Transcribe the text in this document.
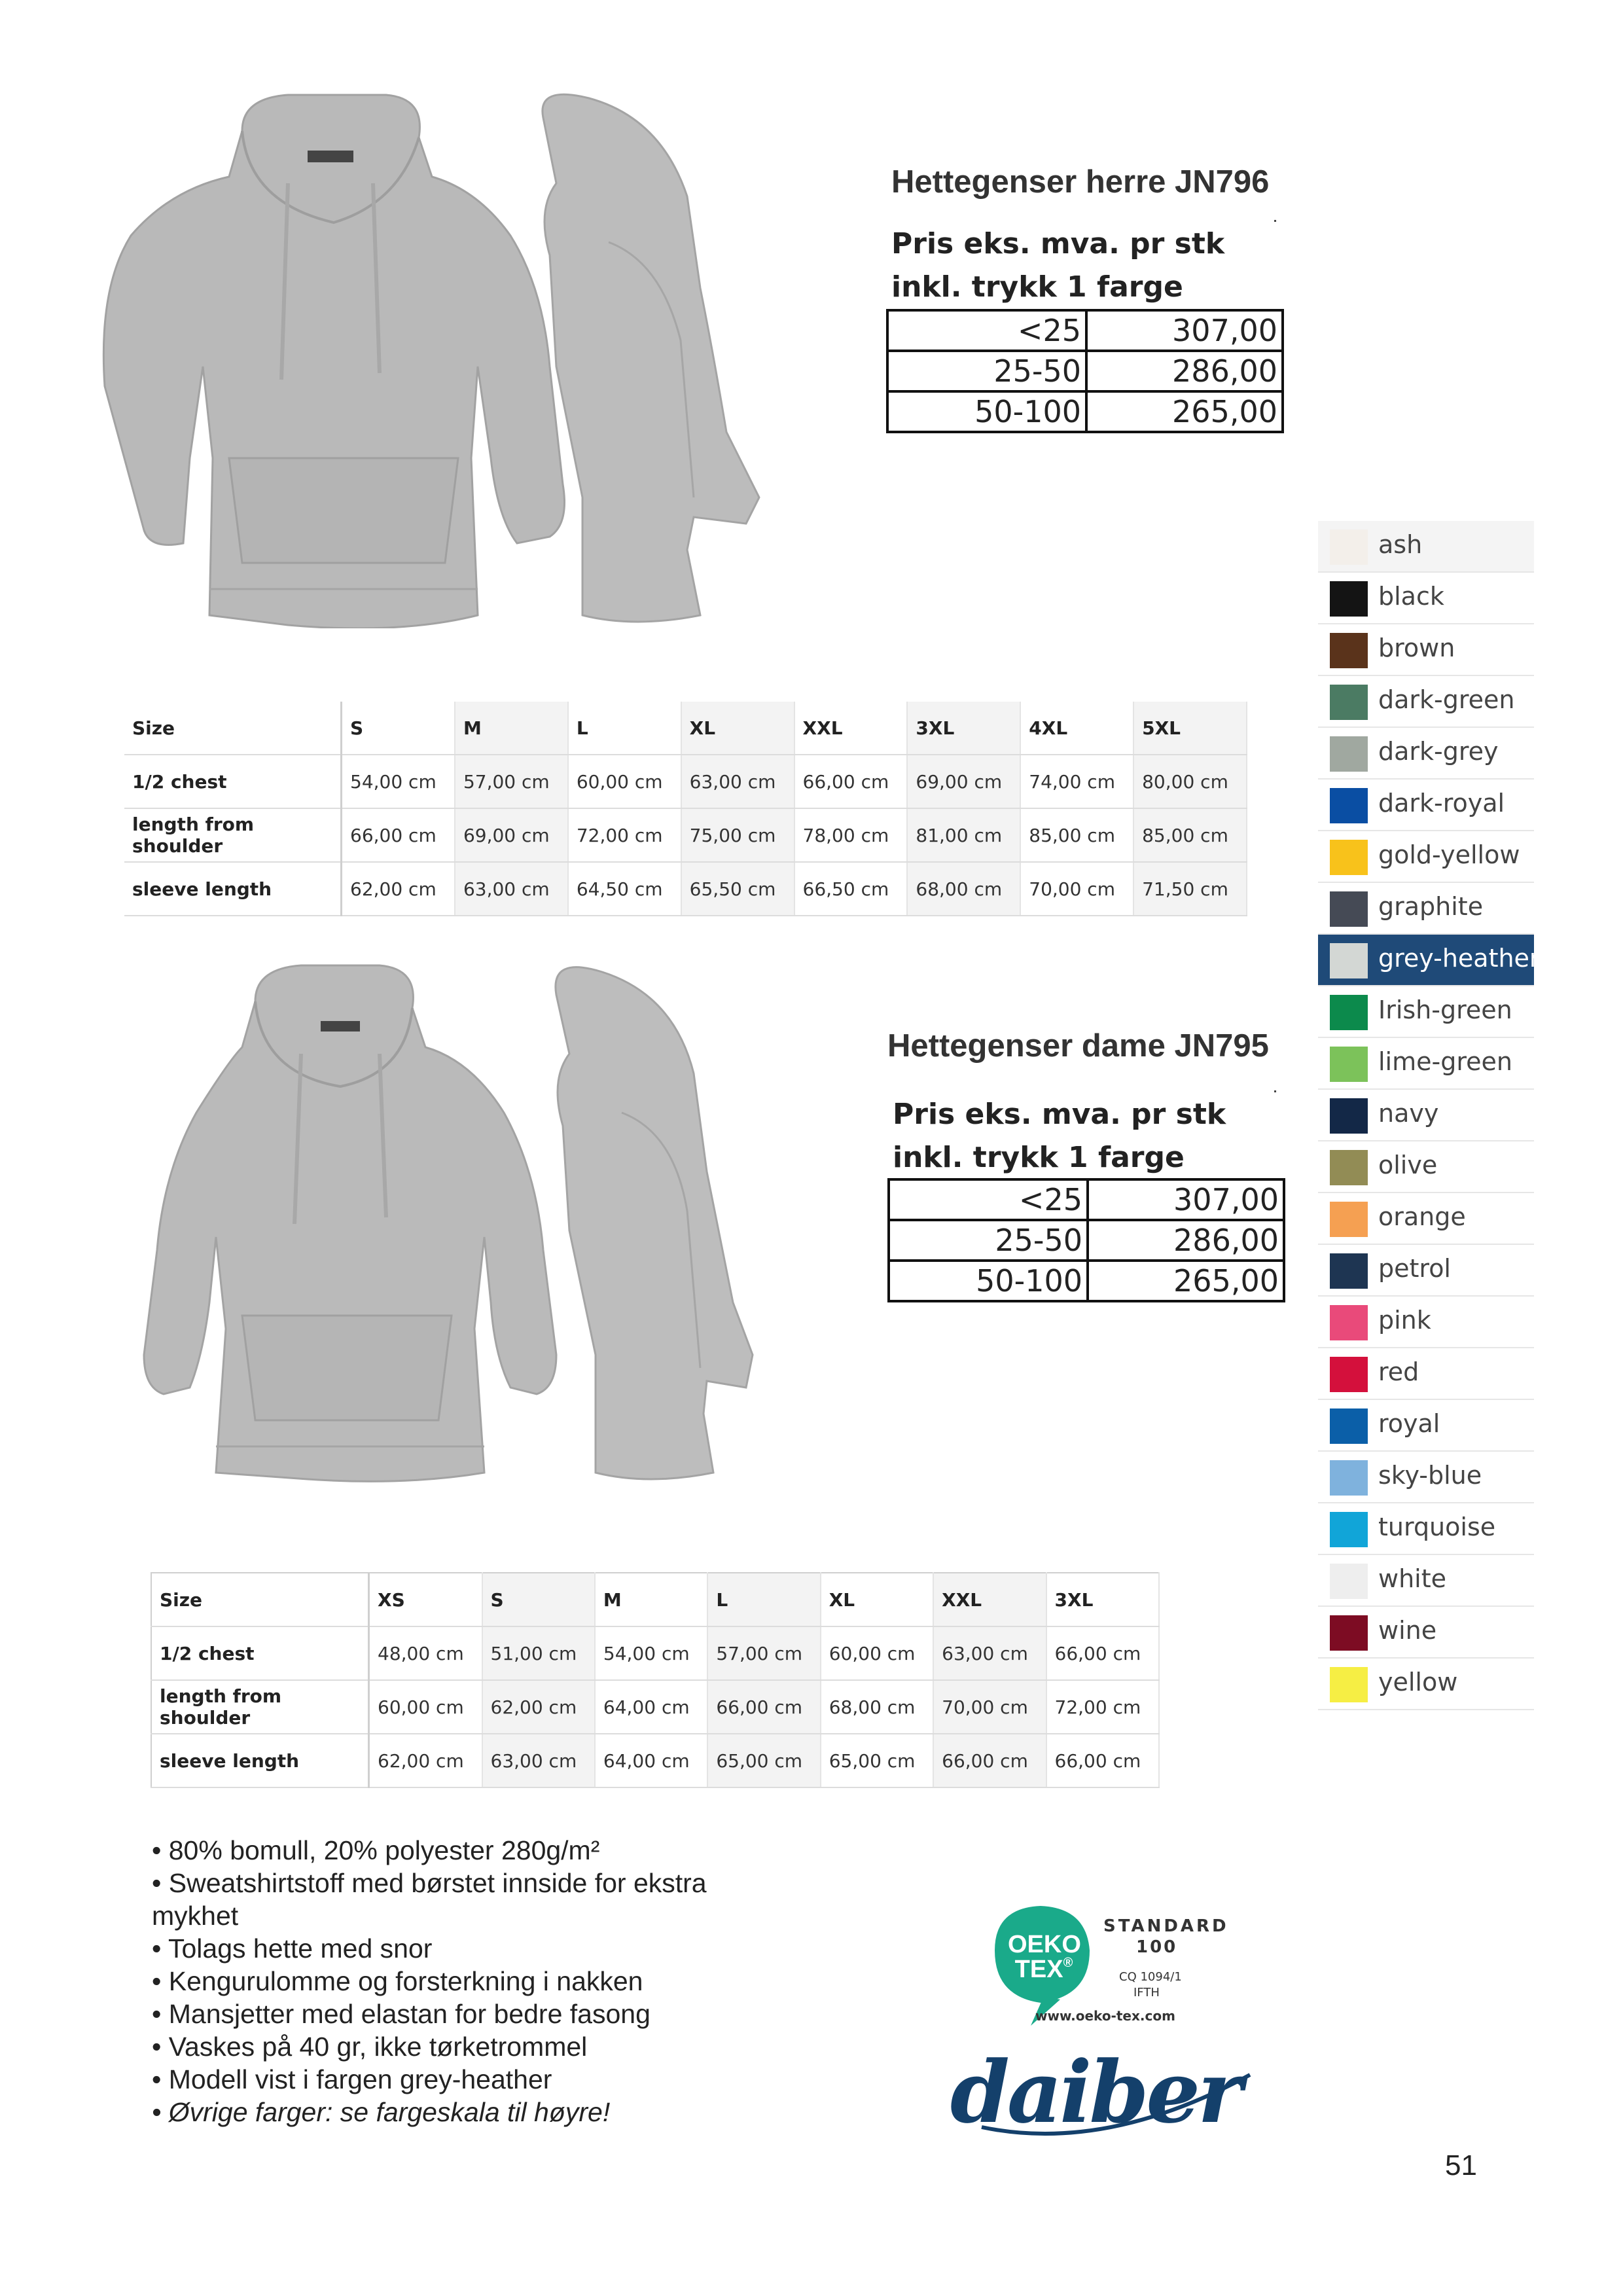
Hettegenser herre JN796
Pris eks. mva. pr stk
inkl. trykk 1 farge
<25	307,00
25-50	286,00
50-100	265,00
Size	S	M	L	XL	XXL	3XL	4XL	5XL
1/2 chest	54,00 cm	57,00 cm	60,00 cm	63,00 cm	66,00 cm	69,00 cm	74,00 cm	80,00 cm
length from shoulder	66,00 cm	69,00 cm	72,00 cm	75,00 cm	78,00 cm	81,00 cm	85,00 cm	85,00 cm
sleeve length	62,00 cm	63,00 cm	64,50 cm	65,50 cm	66,50 cm	68,00 cm	70,00 cm	71,50 cm
Hettegenser dame JN795
Pris eks. mva. pr stk
inkl. trykk 1 farge
<25	307,00
25-50	286,00
50-100	265,00
Size	XS	S	M	L	XL	XXL	3XL
1/2 chest	48,00 cm	51,00 cm	54,00 cm	57,00 cm	60,00 cm	63,00 cm	66,00 cm
length from shoulder	60,00 cm	62,00 cm	64,00 cm	66,00 cm	68,00 cm	70,00 cm	72,00 cm
sleeve length	62,00 cm	63,00 cm	64,00 cm	65,00 cm	65,00 cm	66,00 cm	66,00 cm
ash
black
brown
dark-green
dark-grey
dark-royal
gold-yellow
graphite
grey-heather
Irish-green
lime-green
navy
olive
orange
petrol
pink
red
royal
sky-blue
turquoise
white
wine
yellow
• 80% bomull, 20% polyester 280g/m²
• Sweatshirtstoff med børstet innside for ekstra
mykhet
• Tolags hette med snor
• Kengurulomme og forsterkning i nakken
• Mansjetter med elastan for bedre fasong
• Vaskes på 40 gr, ikke tørketrommel
• Modell vist i fargen grey-heather
• Øvrige farger: se fargeskala til høyre!
OEKO
TEX®
STANDARD
100
CQ 1094/1
IFTH
www.oeko-tex.com
daiber
51
